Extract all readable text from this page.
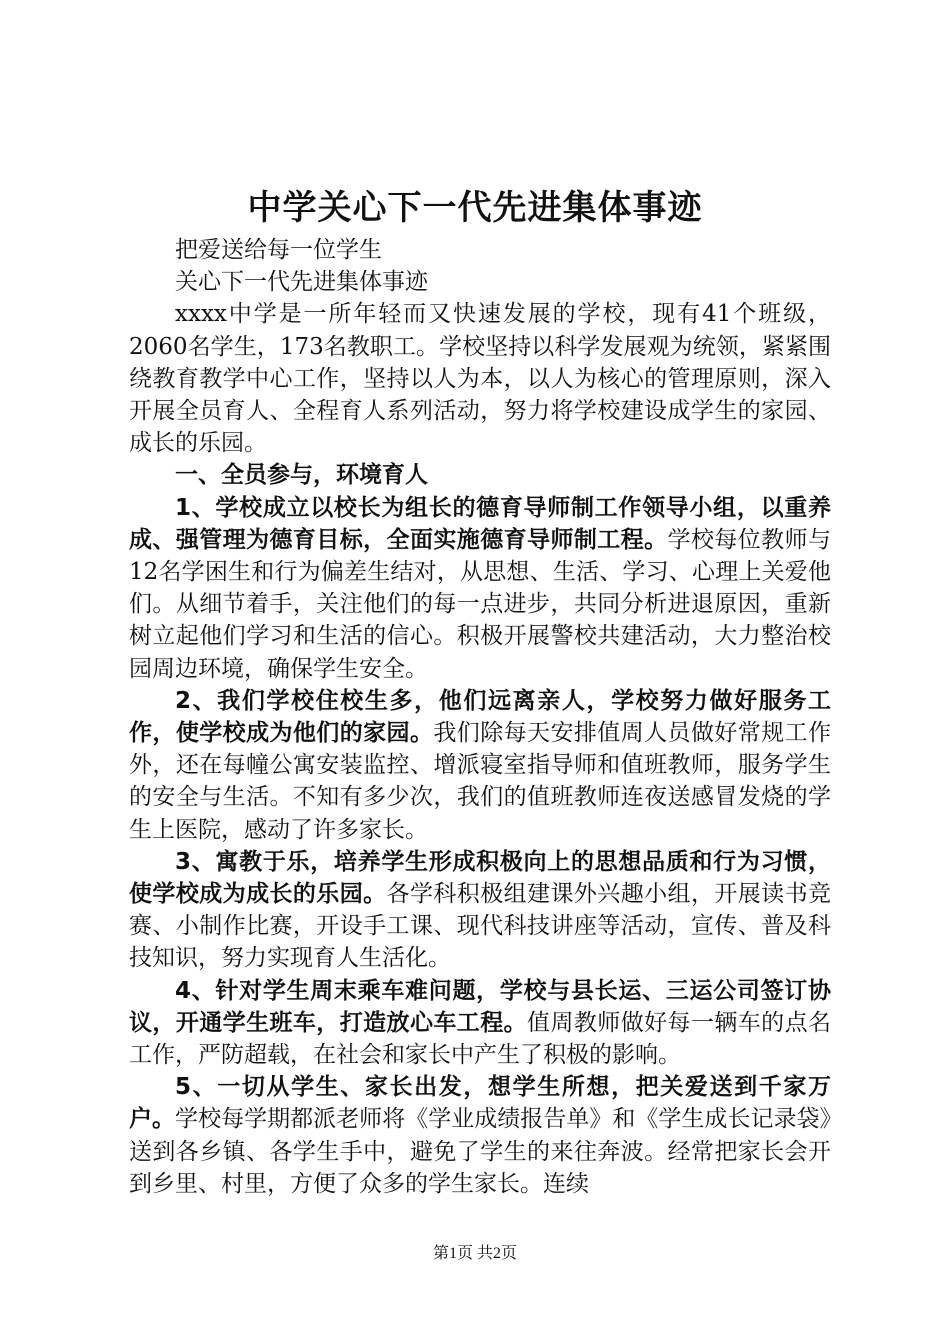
中学关心下一代先进集体事迹

把爱送给每一位学生

关心下一代先进集体事迹

xxxx中学是一所年轻而又快速发展的学校，现有41个班级，2060名学生，173名教职工。学校坚持以科学发展观为统领，紧紧围绕教育教学中心工作，坚持以人为本，以人为核心的管理原则，深入开展全员育人、全程育人系列活动，努力将学校建设成学生的家园、成长的乐园。

一、全员参与，环境育人

1、学校成立以校长为组长的德育导师制工作领导小组，以重养成、强管理为德育目标，全面实施德育导师制工程。学校每位教师与12名学困生和行为偏差生结对，从思想、生活、学习、心理上关爱他们。从细节着手，关注他们的每一点进步，共同分析进退原因，重新树立起他们学习和生活的信心。积极开展警校共建活动，大力整治校园周边环境，确保学生安全。

2、我们学校住校生多，他们远离亲人，学校努力做好服务工作，使学校成为他们的家园。我们除每天安排值周人员做好常规工作外，还在每幢公寓安装监控、增派寝室指导师和值班教师，服务学生的安全与生活。不知有多少次，我们的值班教师连夜送感冒发烧的学生上医院，感动了许多家长。

3、寓教于乐，培养学生形成积极向上的思想品质和行为习惯，使学校成为成长的乐园。各学科积极组建课外兴趣小组，开展读书竞赛、小制作比赛，开设手工课、现代科技讲座等活动，宣传、普及科技知识，努力实现育人生活化。

4、针对学生周末乘车难问题，学校与县长运、三运公司签订协议，开通学生班车，打造放心车工程。值周教师做好每一辆车的点名工作，严防超载，在社会和家长中产生了积极的影响。

5、一切从学生、家长出发，想学生所想，把关爱送到千家万户。学校每学期都派老师将《学业成绩报告单》和《学生成长记录袋》送到各乡镇、各学生手中，避免了学生的来往奔波。经常把家长会开到乡里、村里，方便了众多的学生家长。连续

第1页 共2页
